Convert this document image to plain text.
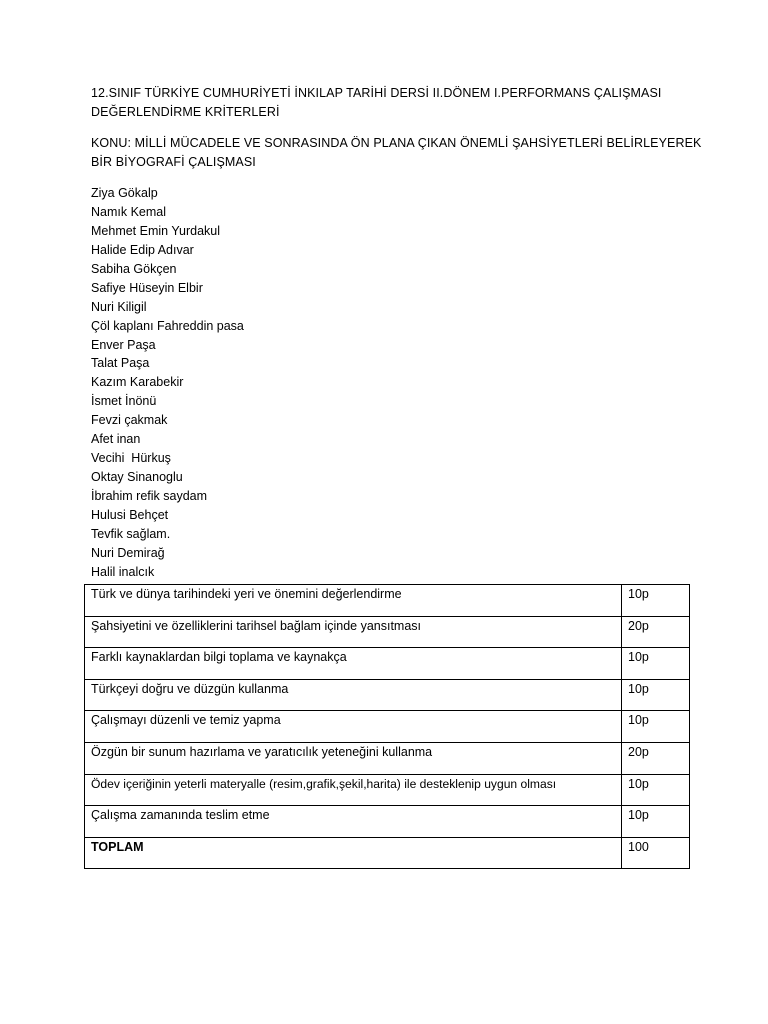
12.SINIF TÜRKİYE CUMHURİYETİ İNKILAP TARİHİ DERSİ II.DÖNEM I.PERFORMANS ÇALIŞMASI DEĞERLENDİRME KRİTERLERİ
KONU: MİLLİ MÜCADELE VE SONRASINDA ÖN PLANA ÇIKAN ÖNEMLİ ŞAHSİYETLERİ BELİRLEYEREK BİR BİYOGRAFİ ÇALIŞMASI
Ziya Gökalp
Namık Kemal
Mehmet Emin Yurdakul
Halide Edip Adıvar
Sabiha Gökçen
Safiye Hüseyin Elbir
Nuri Kiligil
Çöl kaplanı Fahreddin pasa
Enver Paşa
Talat Paşa
Kazım Karabekir
İsmet İnönü
Fevzi çakmak
Afet inan
Vecihi  Hürkuş
Oktay Sinanoglu
İbrahim refik saydam
Hulusi Behçet
Tevfik sağlam.
Nuri Demirağ
Halil inalcık
Türk ve dünya tarihindeki yeri ve önemini değerlendirme	10p
Şahsiyetini ve özelliklerini tarihsel bağlam içinde yansıtması	20p
Farklı kaynaklardan bilgi toplama ve kaynakça	10p
Türkçeyi doğru ve düzgün kullanma	10p
Çalışmayı düzenli ve temiz yapma	10p
Özgün bir sunum hazırlama ve yaratıcılık yeteneğini kullanma	20p
Ödev içeriğinin yeterli materyalle (resim,grafik,şekil,harita) ile desteklenip uygun olması	10p
Çalışma zamanında teslim etme	10p
TOPLAM	100
